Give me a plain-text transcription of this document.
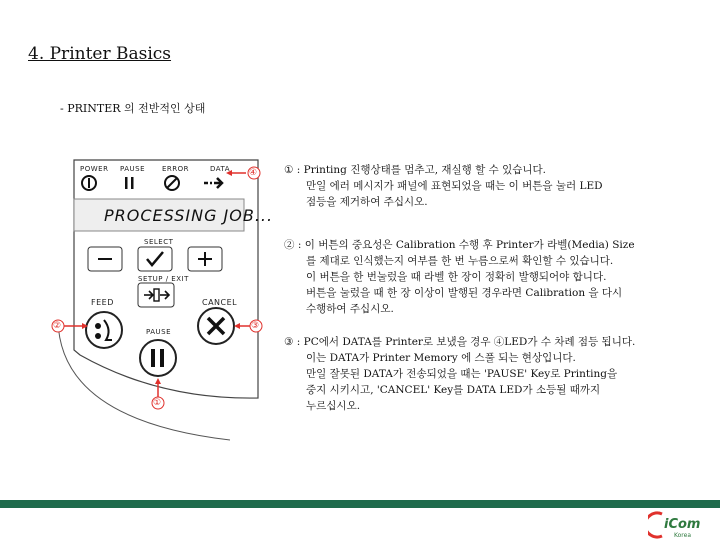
4. Printer Basics
- PRINTER 의 전반적인 상태
POWER PAUSE ERROR	DATA
PROCESSING JOB...
SELECT
SETUP / EXIT
FEED	CANCEL
PAUSE
④
②	③
①
① : Printing 진행상태를 멈추고, 재실행 할 수 있습니다.
만일 에러 메시지가 패널에 표현되었을 때는 이 버튼을 눌러 LED
점등을 제거하여 주십시오.
② : 이 버튼의 중요성은 Calibration 수행 후 Printer가 라벨(Media) Size
를 제대로 인식했는지 여부를 한 번 누름으로써 확인할 수 있습니다.
이 버튼을 한 번눌렀을 때 라벨 한 장이 정확히 발행되어야 합니다.
버튼을 눌렀을 때 한 장 이상이 발행된 경우라면 Calibration 을 다시
수행하여 주십시오.
③ : PC에서 DATA를 Printer로 보냈을 경우 ④LED가 수 차례 점등 됩니다.
이는 DATA가 Printer Memory 에 스풀 되는 현상입니다.
만일 잘못된 DATA가 전송되었을 때는 'PAUSE' Key로 Printing을
중지 시키시고, 'CANCEL' Key를 DATA LED가 소등될 때까지
누르십시오.
iCom
Korea
